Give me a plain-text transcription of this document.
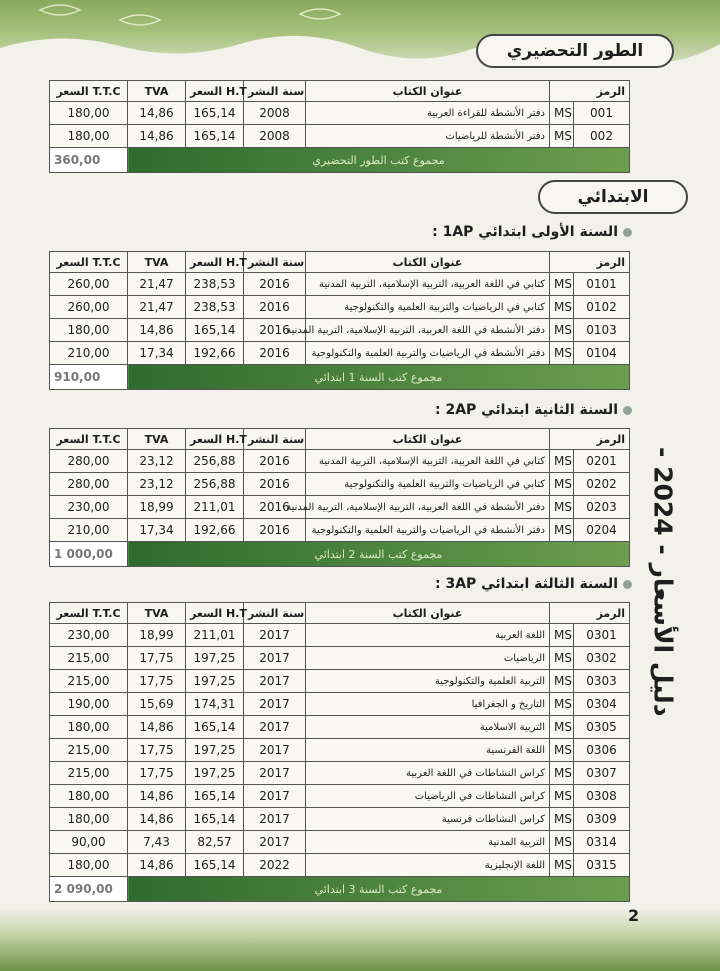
الطور التحضيري
السعر T.T.C	TVA	السعر H.T	سنة النشر	عنوان الكتاب	الرمز	
180,00	14,86	165,14	2008	دفتر الأنشطة للقراءة العربية	MS	001
180,00	14,86	165,14	2008	دفتر الأنشطة للرياضيات	MS	002
360,00	مجموع كتب الطور التحضيري					
الابتدائي
السنة الأولى ابتدائي 1AP :
السعر T.T.C	TVA	السعر H.T	سنة النشر	عنوان الكتاب	الرمز	
260,00	21,47	238,53	2016	كتابي في اللغة العربية، التربية الإسلامية، التربية المدنية	MS	0101
260,00	21,47	238,53	2016	كتابي في الرياضيات والتربية العلمية والتكنولوجية	MS	0102
180,00	14,86	165,14	2016	دفتر الأنشطة في اللغة العربية، التربية الإسلامية، التربية المدنية	MS	0103
210,00	17,34	192,66	2016	دفتر الأنشطة في الرياضيات والتربية العلمية والتكنولوجية	MS	0104
910,00	مجموع كتب السنة 1 ابتدائي					
السنة الثانية ابتدائي 2AP :
السعر T.T.C	TVA	السعر H.T	سنة النشر	عنوان الكتاب	الرمز	
280,00	23,12	256,88	2016	كتابي في اللغة العربية، التربية الإسلامية، التربية المدنية	MS	0201
280,00	23,12	256,88	2016	كتابي في الرياضيات والتربية العلمية والتكنولوجية	MS	0202
230,00	18,99	211,01	2016	دفتر الأنشطة في اللغة العربية، التربية الإسلامية، التربية المدنية	MS	0203
210,00	17,34	192,66	2016	دفتر الأنشطة في الرياضيات والتربية العلمية والتكنولوجية	MS	0204
1 000,00	مجموع كتب السنة 2 ابتدائي					
السنة الثالثة ابتدائي 3AP :
السعر T.T.C	TVA	السعر H.T	سنة النشر	عنوان الكتاب	الرمز	
230,00	18,99	211,01	2017	اللغة العربية	MS	0301
215,00	17,75	197,25	2017	الرياضيات	MS	0302
215,00	17,75	197,25	2017	التربية العلمية والتكنولوجية	MS	0303
190,00	15,69	174,31	2017	التاريخ و الجغرافيا	MS	0304
180,00	14,86	165,14	2017	التربية الاسلامية	MS	0305
215,00	17,75	197,25	2017	اللغة الفرنسية	MS	0306
215,00	17,75	197,25	2017	كراس النشاطات في اللغة العربية	MS	0307
180,00	14,86	165,14	2017	كراس النشاطات في الرياضيات	MS	0308
180,00	14,86	165,14	2017	كراس النشاطات فرنسية	MS	0309
90,00	7,43	82,57	2017	التربية المدنية	MS	0314
180,00	14,86	165,14	2022	اللغة الإنجليزية	MS	0315
2 090,00	مجموع كتب السنة 3 ابتدائي					
دليل الأسعار - 2024 -
2
